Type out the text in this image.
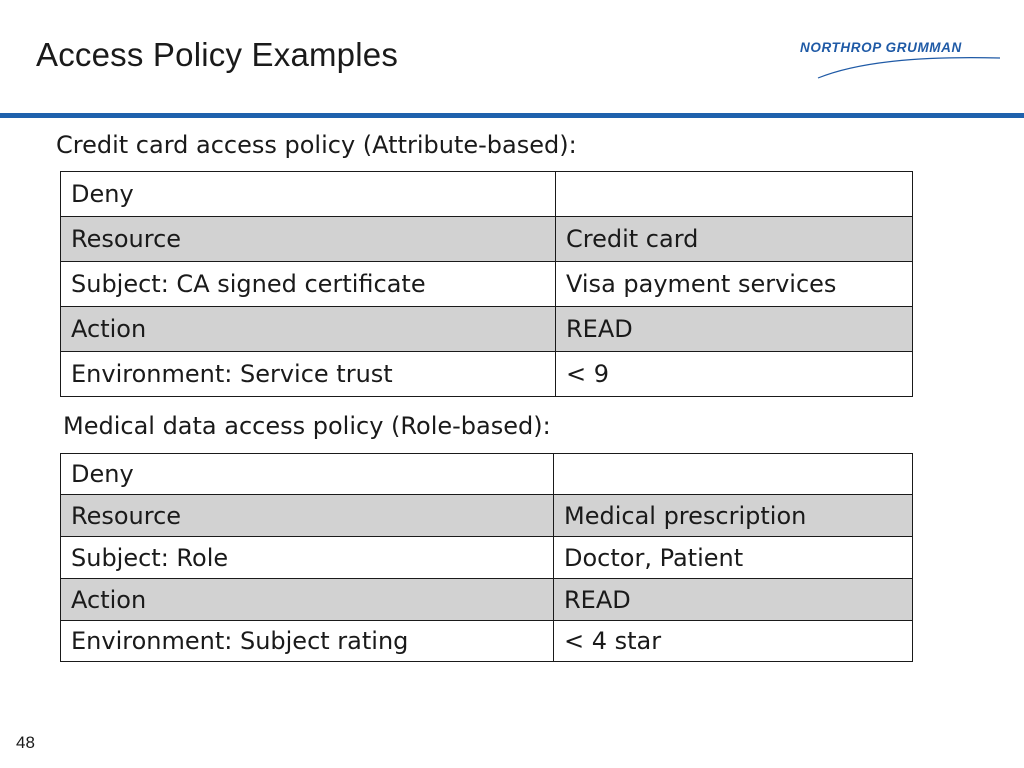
Access Policy Examples	NORTHROP GRUMMAN
Credit card access policy (Attribute-based):
Deny	
Resource	Credit card
Subject: CA signed certificate	Visa payment services
Action	READ
Environment: Service trust	< 9
Medical data access policy (Role-based):
Deny	
Resource	Medical prescription
Subject: Role	Doctor, Patient
Action	READ
Environment: Subject rating	< 4 star
48
